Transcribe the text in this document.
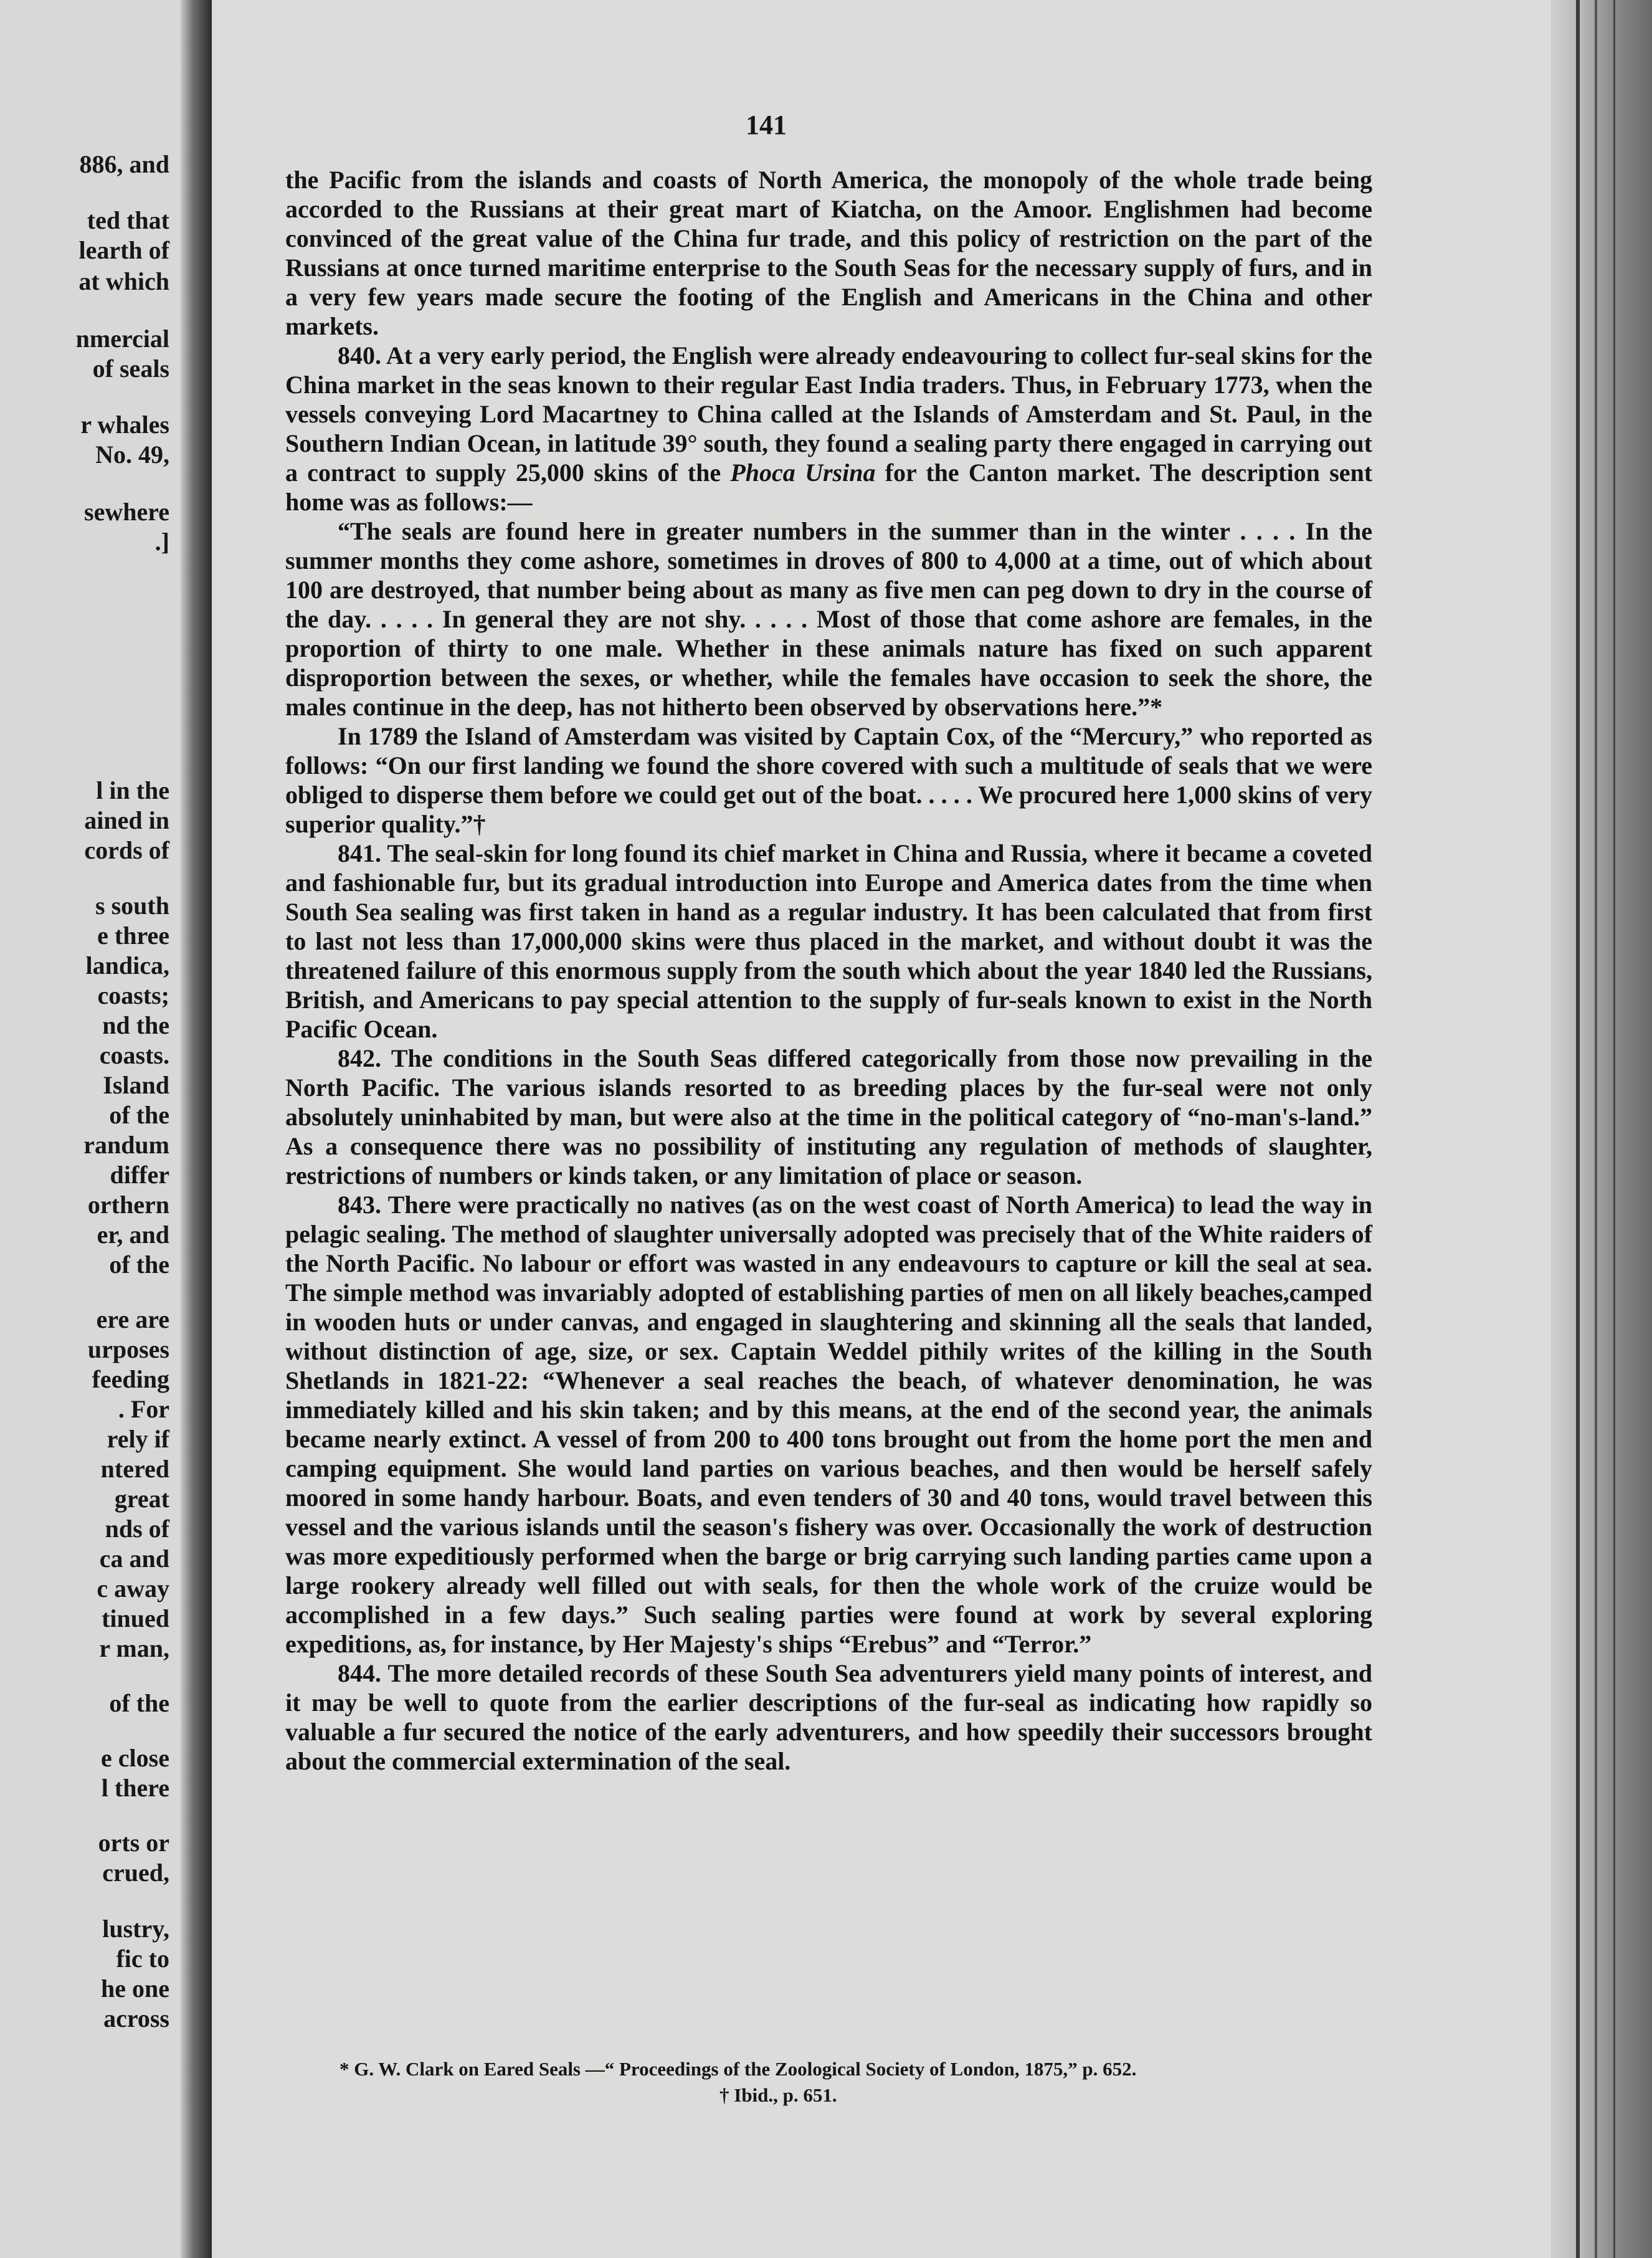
886, and
ted that
learth of
at which
nmercial
of seals
r whales
No. 49,
sewhere
.]
l in the
ained in
cords of
s south
e three
landica,
coasts;
nd the
coasts.
Island
of the
randum
differ
orthern
er, and
of the
ere are
urposes
feeding
. For
rely if
ntered
great
nds of
ca and
c away
tinued
r man,
of the
e close
l there
orts or
crued,
lustry,
fic to
he one
across
141

the Pacific from the islands and coasts of North America, the monopoly of the whole trade being accorded to the Russians at their great mart of Kiatcha, on the Amoor. Englishmen had become convinced of the great value of the China fur trade, and this policy of restriction on the part of the Russians at once turned maritime enterprise to the South Seas for the necessary supply of furs, and in a very few years made secure the footing of the English and Americans in the China and other markets.

840. At a very early period, the English were already endeavouring to collect fur-seal skins for the China market in the seas known to their regular East India traders. Thus, in February 1773, when the vessels conveying Lord Macartney to China called at the Islands of Amsterdam and St. Paul, in the Southern Indian Ocean, in latitude 39° south, they found a sealing party there engaged in carrying out a contract to supply 25,000 skins of the Phoca Ursina for the Canton market. The description sent home was as follows:—

“The seals are found here in greater numbers in the summer than in the winter . . . . In the summer months they come ashore, sometimes in droves of 800 to 4,000 at a time, out of which about 100 are destroyed, that number being about as many as five men can peg down to dry in the course of the day. . . . . In general they are not shy. . . . . Most of those that come ashore are females, in the proportion of thirty to one male. Whether in these animals nature has fixed on such apparent disproportion between the sexes, or whether, while the females have occasion to seek the shore, the males continue in the deep, has not hitherto been observed by observations here.”*

In 1789 the Island of Amsterdam was visited by Captain Cox, of the “Mercury,” who reported as follows: “On our first landing we found the shore covered with such a multitude of seals that we were obliged to disperse them before we could get out of the boat. . . . . We procured here 1,000 skins of very superior quality.”†

841. The seal-skin for long found its chief market in China and Russia, where it became a coveted and fashionable fur, but its gradual introduction into Europe and America dates from the time when South Sea sealing was first taken in hand as a regular industry. It has been calculated that from first to last not less than 17,000,000 skins were thus placed in the market, and without doubt it was the threatened failure of this enormous supply from the south which about the year 1840 led the Russians, British, and Americans to pay special attention to the supply of fur-seals known to exist in the North Pacific Ocean.

842. The conditions in the South Seas differed categorically from those now prevailing in the North Pacific. The various islands resorted to as breeding places by the fur-seal were not only absolutely uninhabited by man, but were also at the time in the political category of “no-man's-land.” As a consequence there was no possibility of instituting any regulation of methods of slaughter, restrictions of numbers or kinds taken, or any limitation of place or season.

843. There were practically no natives (as on the west coast of North America) to lead the way in pelagic sealing. The method of slaughter universally adopted was precisely that of the White raiders of the North Pacific. No labour or effort was wasted in any endeavours to capture or kill the seal at sea. The simple method was invariably adopted of establishing parties of men on all likely beaches,camped in wooden huts or under canvas, and engaged in slaughtering and skinning all the seals that landed, without distinction of age, size, or sex. Captain Weddel pithily writes of the killing in the South Shetlands in 1821-22: “Whenever a seal reaches the beach, of whatever denomination, he was immediately killed and his skin taken; and by this means, at the end of the second year, the animals became nearly extinct. A vessel of from 200 to 400 tons brought out from the home port the men and camping equipment. She would land parties on various beaches, and then would be herself safely moored in some handy harbour. Boats, and even tenders of 30 and 40 tons, would travel between this vessel and the various islands until the season's fishery was over. Occasionally the work of destruction was more expeditiously performed when the barge or brig carrying such landing parties came upon a large rookery already well filled out with seals, for then the whole work of the cruize would be accomplished in a few days.” Such sealing parties were found at work by several exploring expeditions, as, for instance, by Her Majesty's ships “Erebus” and “Terror.”

844. The more detailed records of these South Sea adventurers yield many points of interest, and it may be well to quote from the earlier descriptions of the fur-seal as indicating how rapidly so valuable a fur secured the notice of the early adventurers, and how speedily their successors brought about the commercial extermination of the seal.

* G. W. Clark on Eared Seals —“ Proceedings of the Zoological Society of London, 1875,” p. 652.
† Ibid., p. 651.
